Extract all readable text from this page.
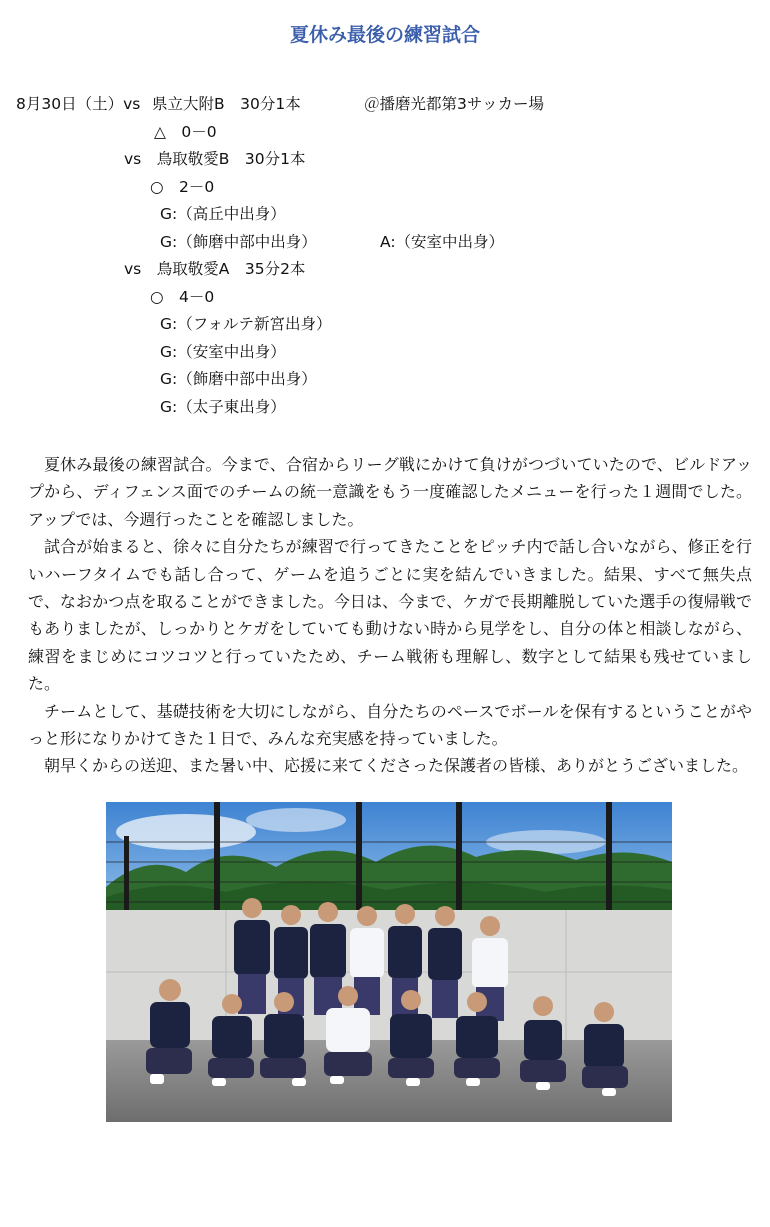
夏休み最後の練習試合
8月30日（土）vs 県立大附B　30分1本	＠播磨光都第3サッカー場
△　0－0
vs　鳥取敬愛B　30分1本
○　2－0
G:（高丘中出身）
G:（飾磨中部中出身）	A:（安室中出身）
vs　鳥取敬愛A　35分2本
○　4－0
G:（フォルテ新宮出身）
G:（安室中出身）
G:（飾磨中部中出身）
G:（太子東出身）

夏休み最後の練習試合。今まで、合宿からリーグ戦にかけて負けがつづいていたので、ビルドアップから、ディフェンス面でのチームの統一意識をもう一度確認したメニューを行った１週間でした。アップでは、今週行ったことを確認しました。

試合が始まると、徐々に自分たちが練習で行ってきたことをピッチ内で話し合いながら、修正を行いハーフタイムでも話し合って、ゲームを追うごとに実を結んでいきました。結果、すべて無失点で、なおかつ点を取ることができました。今日は、今まで、ケガで長期離脱していた選手の復帰戦でもありましたが、しっかりとケガをしていても動けない時から見学をし、自分の体と相談しながら、練習をまじめにコツコツと行っていたため、チーム戦術も理解し、数字として結果も残せていました。

チームとして、基礎技術を大切にしながら、自分たちのペースでボールを保有するということがやっと形になりかけてきた１日で、みんな充実感を持っていました。

朝早くからの送迎、また暑い中、応援に来てくださった保護者の皆様、ありがとうございました。
